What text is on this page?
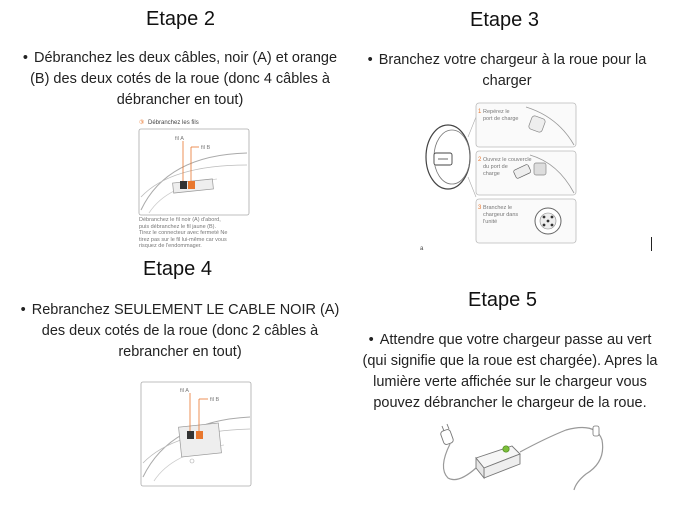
Etape 2
• Débranchez les deux câbles, noir (A) et orange
(B) des deux cotés de la roue (donc 4 câbles à
débrancher en tout)
③ Débranchez les fils
fil A
fil B
Débranchez le fil noir (A) d'abord,
puis débranchez le fil jaune (B).
Tirez le connecteur avec fermeté Ne
tirez pas sur le fil lui-même car vous
risquez de l'endommager.
Etape 3
• Branchez votre chargeur à la roue pour la
charger
1 Repérez le
port de charge
2 Ouvrez le couvercle
du port de
charge
3 Branchez le
chargeur dans
l'unité
a
Etape 4
• Rebranchez SEULEMENT LE CABLE NOIR (A)
des deux cotés de la roue (donc 2 câbles à
rebrancher en tout)
fil A
fil B
Etape 5
• Attendre que votre chargeur passe au vert
(qui signifie que la roue est chargée). Apres la
lumière verte affichée sur le chargeur vous
pouvez débrancher le chargeur de la roue.
